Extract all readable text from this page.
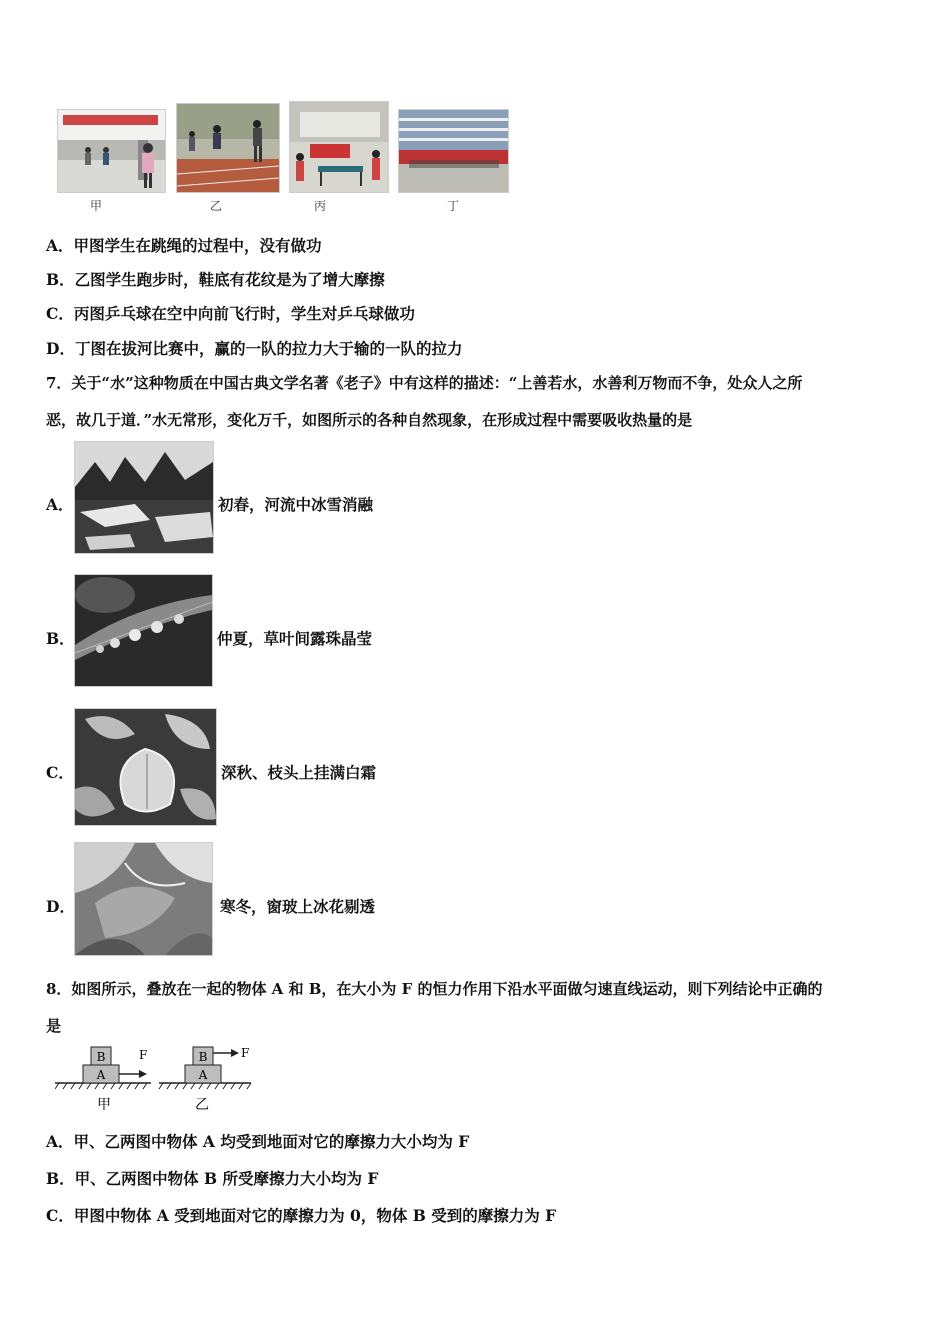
甲	乙	丙	丁
A．甲图学生在跳绳的过程中，没有做功
B．乙图学生跑步时，鞋底有花纹是为了增大摩擦
C．丙图乒乓球在空中向前飞行时，学生对乒乓球做功
D．丁图在拔河比赛中，赢的一队的拉力大于输的一队的拉力
7．关于“水”这种物质在中国古典文学名著《老子》中有这样的描述：“上善若水，水善利万物而不争，处众人之所
恶，故几于道．”水无常形，变化万千，如图所示的各种自然现象，在形成过程中需要吸收热量的是
A．	初春，河流中冰雪消融
B．	仲夏，草叶间露珠晶莹
C．	深秋、枝头上挂满白霜
D．	寒冬，窗玻上冰花剔透
8．如图所示，叠放在一起的物体 A 和 B，在大小为 F 的恒力作用下沿水平面做匀速直线运动，则下列结论中正确的
是
A
B	F
甲
A
B	F
乙
A．甲、乙两图中物体 A 均受到地面对它的摩擦力大小均为 F
B．甲、乙两图中物体 B 所受摩擦力大小均为 F
C．甲图中物体 A 受到地面对它的摩擦力为 0，物体 B 受到的摩擦力为 F
